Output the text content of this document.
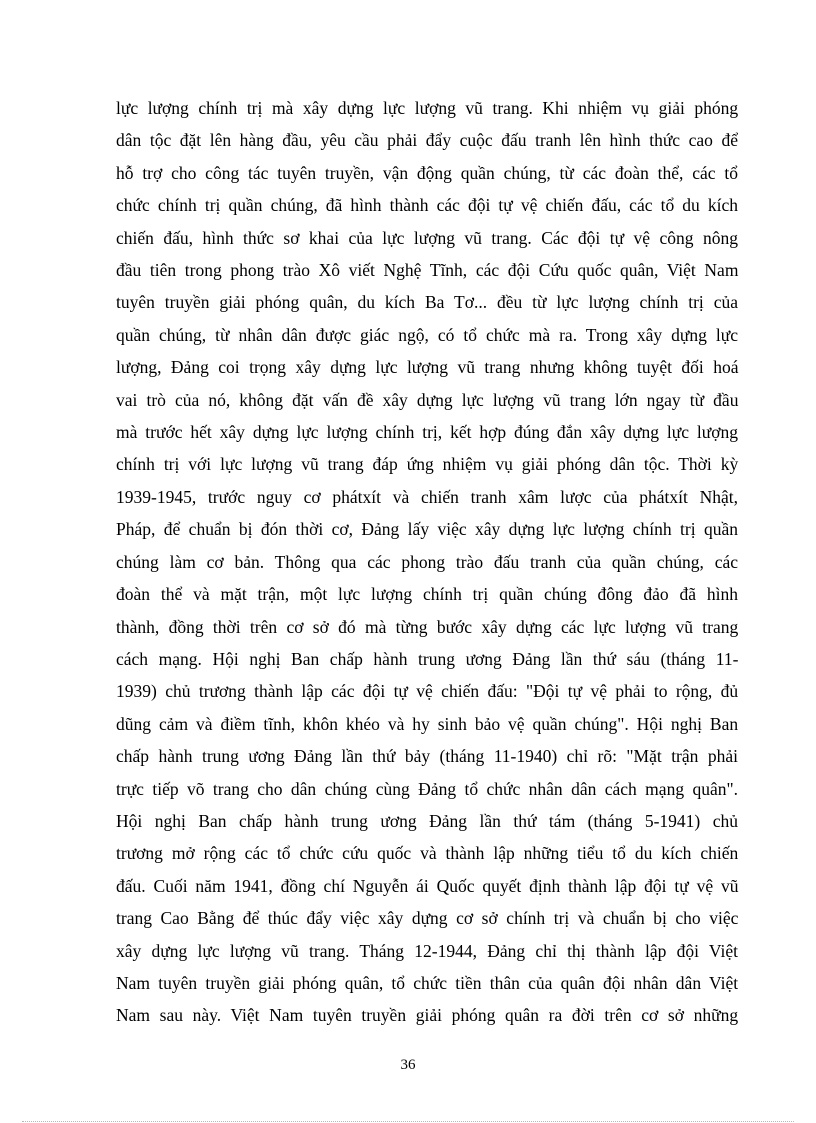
lực lượng chính trị mà xây dựng lực lượng vũ trang. Khi nhiệm vụ giải phóng
dân tộc đặt lên hàng đầu, yêu cầu phải đẩy cuộc đấu tranh lên hình thức cao để
hỗ trợ cho công tác tuyên truyền, vận động quần chúng, từ các đoàn thể, các tổ
chức chính trị quần chúng, đã hình thành các đội tự vệ chiến đấu, các tổ du kích
chiến đấu, hình thức sơ khai của lực lượng vũ trang. Các đội tự vệ công nông
đầu tiên trong phong trào Xô viết Nghệ Tĩnh, các đội Cứu quốc quân, Việt Nam
tuyên truyền giải phóng quân, du kích Ba Tơ... đều từ lực lượng chính trị của
quần chúng, từ nhân dân được giác ngộ, có tổ chức mà ra. Trong xây dựng lực
lượng, Đảng coi trọng xây dựng lực lượng vũ trang nhưng không tuyệt đối hoá
vai trò của nó, không đặt vấn đề xây dựng lực lượng vũ trang lớn ngay từ đầu
mà trước hết xây dựng lực lượng chính trị, kết hợp đúng đắn xây dựng lực lượng
chính trị với lực lượng vũ trang đáp ứng nhiệm vụ giải phóng dân tộc. Thời kỳ
1939-1945, trước nguy cơ phátxít và chiến tranh xâm lược của phátxít Nhật,
Pháp, để chuẩn bị đón thời cơ, Đảng lấy việc xây dựng lực lượng chính trị quần
chúng làm cơ bản. Thông qua các phong trào đấu tranh của quần chúng, các
đoàn thể và mặt trận, một lực lượng chính trị quần chúng đông đảo đã hình
thành, đồng thời trên cơ sở đó mà từng bước xây dựng các lực lượng vũ trang
cách mạng. Hội nghị Ban chấp hành trung ương Đảng lần thứ sáu (tháng 11-
1939) chủ trương thành lập các đội tự vệ chiến đấu: "Đội tự vệ phải to rộng, đủ
dũng cảm và điềm tĩnh, khôn khéo và hy sinh bảo vệ quần chúng". Hội nghị Ban
chấp hành trung ương Đảng lần thứ bảy (tháng 11-1940) chỉ rõ: "Mặt trận phải
trực tiếp võ trang cho dân chúng cùng Đảng tổ chức nhân dân cách mạng quân".
Hội nghị Ban chấp hành trung ương Đảng lần thứ tám (tháng 5-1941) chủ
trương mở rộng các tổ chức cứu quốc và thành lập những tiểu tổ du kích chiến
đấu. Cuối năm 1941, đồng chí Nguyễn ái Quốc quyết định thành lập đội tự vệ vũ
trang Cao Bằng để thúc đẩy việc xây dựng cơ sở chính trị và chuẩn bị cho việc
xây dựng lực lượng vũ trang. Tháng 12-1944, Đảng chỉ thị thành lập đội Việt
Nam tuyên truyền giải phóng quân, tổ chức tiền thân của quân đội nhân dân Việt
Nam sau này. Việt Nam tuyên truyền giải phóng quân ra đời trên cơ sở những
36
